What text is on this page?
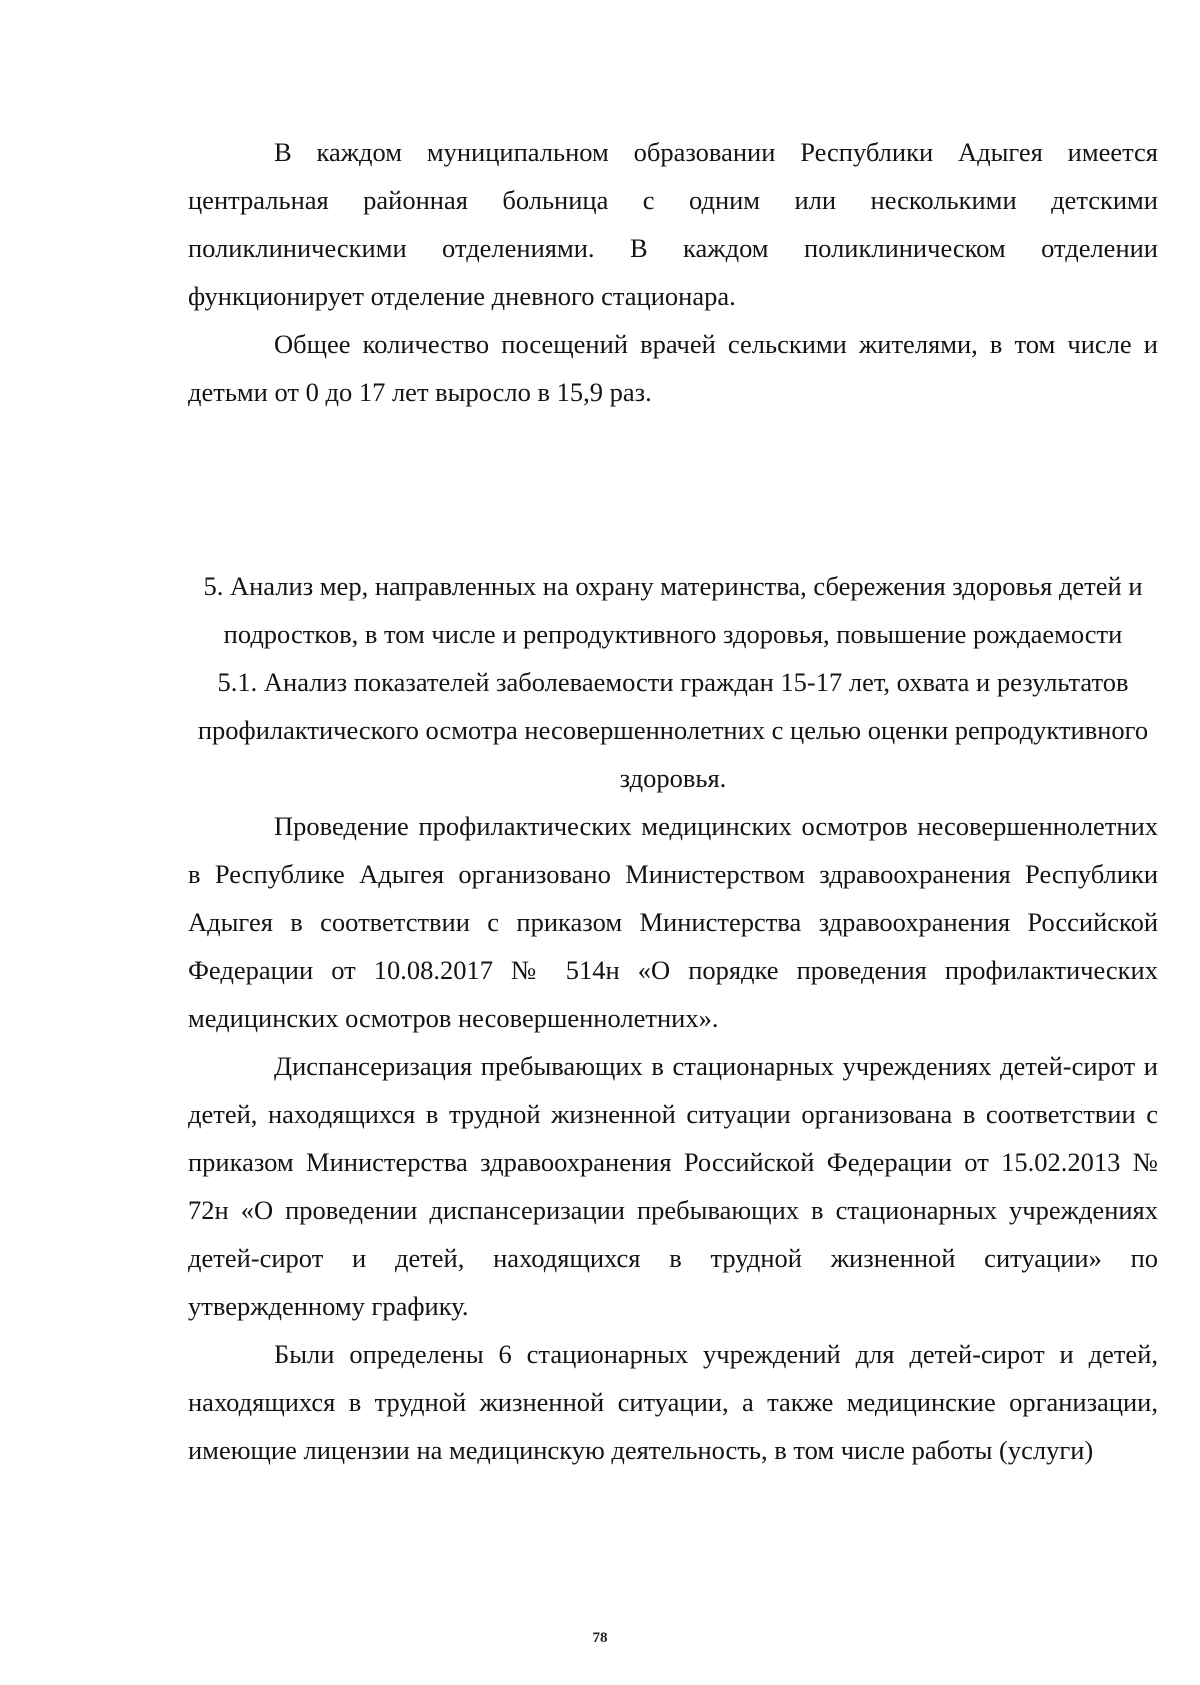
В каждом муниципальном образовании Республики Адыгея имеется центральная районная больница с одним или несколькими детскими поликлиническими отделениями. В каждом поликлиническом отделении функционирует отделение дневного стационара.

Общее количество посещений врачей сельскими жителями, в том числе и детьми от 0 до 17 лет выросло в 15,9 раз.

5. Анализ мер, направленных на охрану материнства, сбережения здоровья детей и подростков, в том числе и репродуктивного здоровья, повышение рождаемости

5.1. Анализ показателей заболеваемости граждан 15-17 лет, охвата и результатов профилактического осмотра несовершеннолетних с целью оценки репродуктивного здоровья.

Проведение профилактических медицинских осмотров несовершеннолетних в Республике Адыгея организовано Министерством здравоохранения Республики Адыгея в соответствии с приказом Министерства здравоохранения Российской Федерации от 10.08.2017 № 514н «О порядке проведения профилактических медицинских осмотров несовершеннолетних».

Диспансеризация пребывающих в стационарных учреждениях детей-сирот и детей, находящихся в трудной жизненной ситуации организована в соответствии с приказом Министерства здравоохранения Российской Федерации от 15.02.2013 № 72н «О проведении диспансеризации пребывающих в стационарных учреждениях детей-сирот и детей, находящихся в трудной жизненной ситуации» по утвержденному графику.

Были определены 6 стационарных учреждений для детей-сирот и детей, находящихся в трудной жизненной ситуации, а также медицинские организации, имеющие лицензии на медицинскую деятельность, в том числе работы (услуги)

78
